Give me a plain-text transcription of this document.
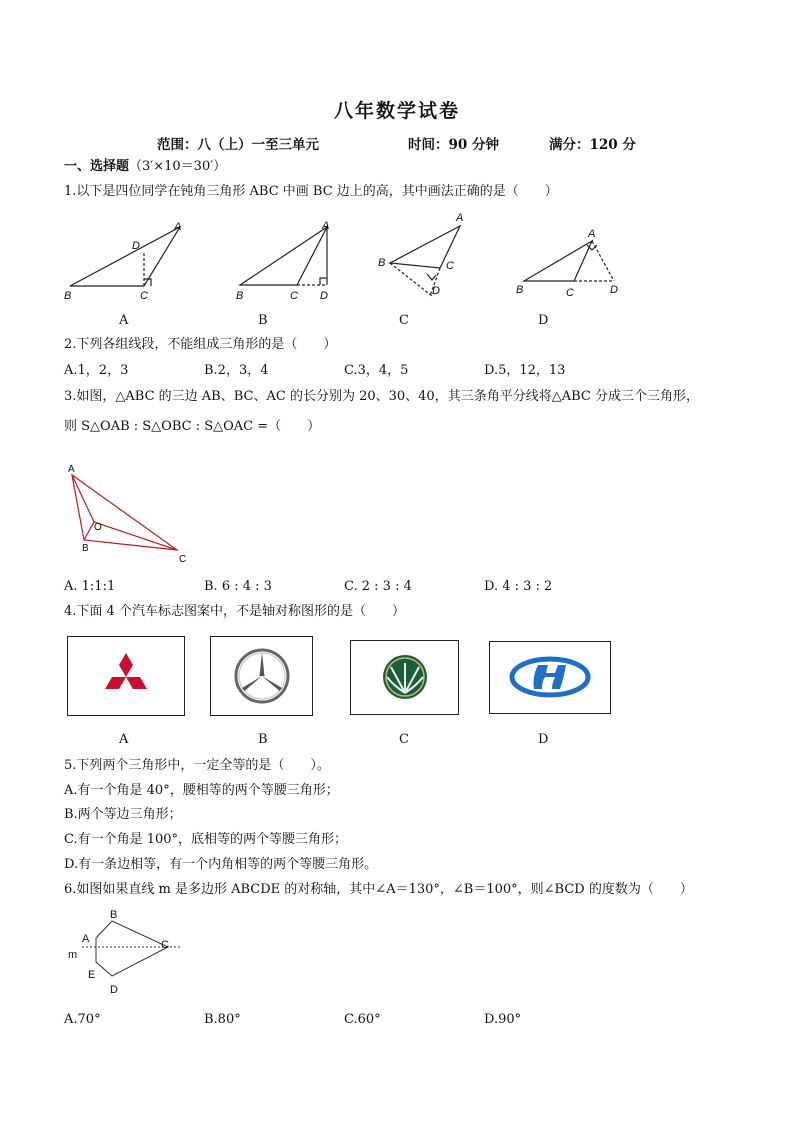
八年数学试卷
范围：八（上）一至三单元	时间：90 分钟	满分：120 分
一、选择题（3′×10＝30′）
1.以下是四位同学在钝角三角形 ABC 中画 BC 边上的高，其中画法正确的是（　　）
A
B	C
D
A
B	C D
A
B	C
D
A
B	C	D
A	B	C	D
2.下列各组线段，不能组成三角形的是（　　）
A.1，2，3	B.2，3，4	C.3，4，5	D.5，12，13
3.如图，△ABC 的三边 AB、BC、AC 的长分别为 20、30、40，其三条角平分线将△ABC 分成三个三角形，
则 S△OAB : S△OBC : S△OAC =（　　）
A
O
B
C
A. 1:1:1	B. 6 : 4 : 3	C. 2 : 3 : 4	D. 4 : 3 : 2
4.下面 4 个汽车标志图案中，不是轴对称图形的是（　　）
A	B	C	D
5.下列两个三角形中，一定全等的是（　　）。
A.有一个角是 40°，腰相等的两个等腰三角形；
B.两个等边三角形；
C.有一个角是 100°，底相等的两个等腰三角形；
D.有一条边相等，有一个内角相等的两个等腰三角形。
6.如图如果直线 m 是多边形 ABCDE 的对称轴，其中∠A＝130°，∠B＝100°，则∠BCD 的度数为（　　）
B
A	C
m
E
D
A.70°	B.80°	C.60°	D.90°
